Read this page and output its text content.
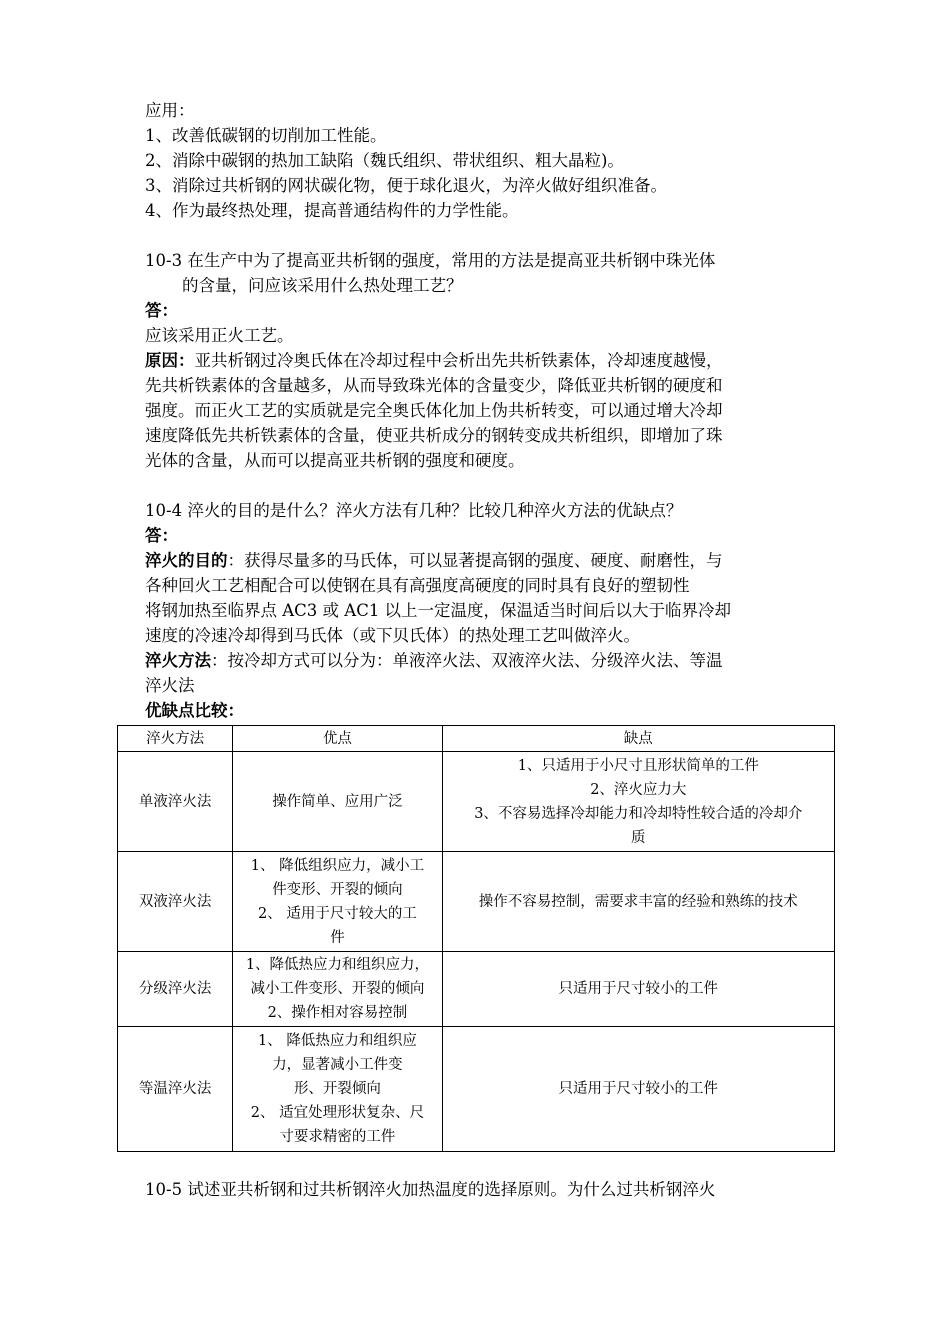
应用：
1、改善低碳钢的切削加工性能。
2、消除中碳钢的热加工缺陷（魏氏组织、带状组织、粗大晶粒)。
3、消除过共析钢的网状碳化物，便于球化退火，为淬火做好组织准备。
4、作为最终热处理，提高普通结构件的力学性能。
10-3 在生产中为了提高亚共析钢的强度，常用的方法是提高亚共析钢中珠光体
的含量，问应该采用什么热处理工艺？
答：
应该采用正火工艺。
原因：亚共析钢过冷奥氏体在冷却过程中会析出先共析铁素体，冷却速度越慢，
先共析铁素体的含量越多，从而导致珠光体的含量变少，降低亚共析钢的硬度和
强度。而正火工艺的实质就是完全奥氏体化加上伪共析转变，可以通过增大冷却
速度降低先共析铁素体的含量，使亚共析成分的钢转变成共析组织，即增加了珠
光体的含量，从而可以提高亚共析钢的强度和硬度。
10-4 淬火的目的是什么？淬火方法有几种？比较几种淬火方法的优缺点？
答：
淬火的目的：获得尽量多的马氏体，可以显著提高钢的强度、硬度、耐磨性，与
各种回火工艺相配合可以使钢在具有高强度高硬度的同时具有良好的塑韧性
将钢加热至临界点 AC3 或 AC1 以上一定温度，保温适当时间后以大于临界冷却
速度的冷速冷却得到马氏体（或下贝氏体）的热处理工艺叫做淬火。
淬火方法：按冷却方式可以分为：单液淬火法、双液淬火法、分级淬火法、等温
淬火法
优缺点比较：
淬火方法	优点	缺点
单液淬火法	操作简单、应用广泛	1、只适用于小尺寸且形状简单的工件
2、淬火应力大
3、不容易选择冷却能力和冷却特性较合适的冷却介
质

双液淬火法	1、 降低组织应力，减小工
件变形、开裂的倾向
2、 适用于尺寸较大的工
件	操作不容易控制，需要求丰富的经验和熟练的技术

分级淬火法	1、降低热应力和组织应力，
减小工件变形、开裂的倾向
2、操作相对容易控制	只适用于尺寸较小的工件

等温淬火法	1、 降低热应力和组织应
力，显著减小工件变
形、开裂倾向
2、 适宜处理形状复杂、尺
寸要求精密的工件	只适用于尺寸较小的工件
10-5 试述亚共析钢和过共析钢淬火加热温度的选择原则。为什么过共析钢淬火
